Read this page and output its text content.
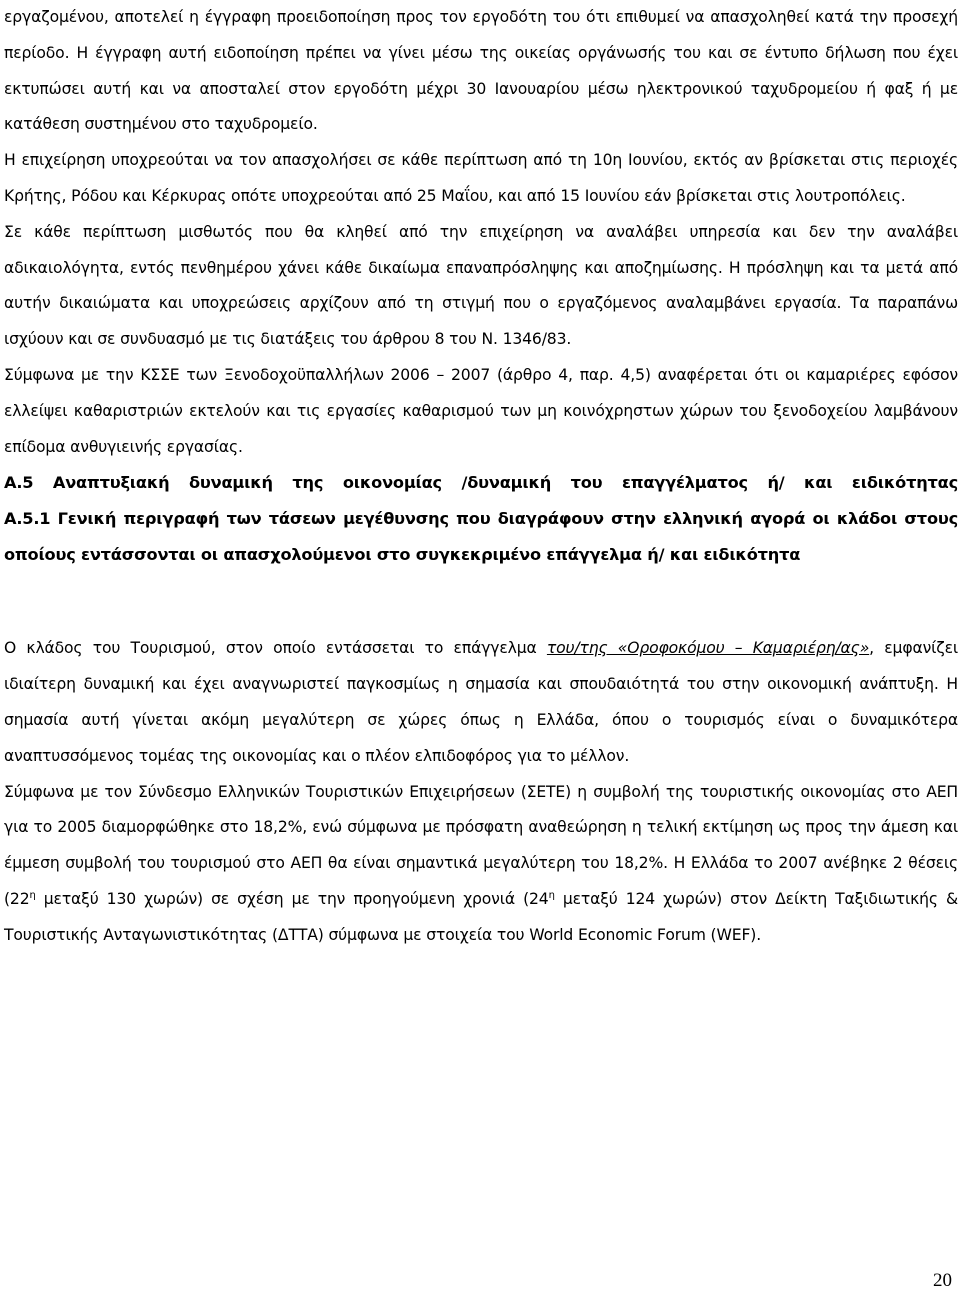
εργαζομένου, αποτελεί η έγγραφη προειδοποίηση προς τον εργοδότη του ότι επιθυμεί να απασχοληθεί κατά την προσεχή περίοδο. Η έγγραφη αυτή ειδοποίηση πρέπει να γίνει μέσω της οικείας οργάνωσής του και σε έντυπο δήλωση που έχει εκτυπώσει αυτή και να αποσταλεί στον εργοδότη μέχρι 30 Ιανουαρίου μέσω ηλεκτρονικού ταχυδρομείου ή φαξ ή με κατάθεση συστημένου στο ταχυδρομείο.

Η επιχείρηση υποχρεούται να τον απασχολήσει σε κάθε περίπτωση από τη 10η Ιουνίου, εκτός αν βρίσκεται στις περιοχές Κρήτης, Ρόδου και Κέρκυρας οπότε υποχρεούται από 25 Μαΐου, και από 15 Ιουνίου εάν βρίσκεται στις λουτροπόλεις.

Σε κάθε περίπτωση μισθωτός που θα κληθεί από την επιχείρηση να αναλάβει υπηρεσία και δεν την αναλάβει αδικαιολόγητα, εντός πενθημέρου χάνει κάθε δικαίωμα επαναπρόσληψης και αποζημίωσης. Η πρόσληψη και τα μετά από αυτήν δικαιώματα και υποχρεώσεις αρχίζουν από τη στιγμή που ο εργαζόμενος αναλαμβάνει εργασία. Τα παραπάνω ισχύουν και σε συνδυασμό με τις διατάξεις του άρθρου 8 του Ν. 1346/83.

Σύμφωνα με την ΚΣΣΕ των Ξενοδοχοϋπαλλήλων 2006 – 2007 (άρθρο 4, παρ. 4,5) αναφέρεται ότι οι καμαριέρες εφόσον ελλείψει καθαριστριών εκτελούν και τις εργασίες καθαρισμού των μη κοινόχρηστων χώρων του ξενοδοχείου λαμβάνουν επίδομα ανθυγιεινής εργασίας.

Α.5 Αναπτυξιακή δυναμική της οικονομίας /δυναμική του επαγγέλματος ή/ και ειδικότητας
Α.5.1 Γενική περιγραφή των τάσεων μεγέθυνσης που διαγράφουν στην ελληνική αγορά οι κλάδοι στους οποίους εντάσσονται οι απασχολούμενοι στο συγκεκριμένο επάγγελμα ή/ και ειδικότητα

Ο κλάδος του Τουρισμού, στον οποίο εντάσσεται το επάγγελμα του/της «Οροφοκόμου – Καμαριέρη/ας», εμφανίζει ιδιαίτερη δυναμική και έχει αναγνωριστεί παγκοσμίως η σημασία και σπουδαιότητά του στην οικονομική ανάπτυξη. Η σημασία αυτή γίνεται ακόμη μεγαλύτερη σε χώρες όπως η Ελλάδα, όπου ο τουρισμός είναι ο δυναμικότερα αναπτυσσόμενος τομέας της οικονομίας και ο πλέον ελπιδοφόρος για το μέλλον.

Σύμφωνα με τον Σύνδεσμο Ελληνικών Τουριστικών Επιχειρήσεων (ΣΕΤΕ) η συμβολή της τουριστικής οικονομίας στο ΑΕΠ για το 2005 διαμορφώθηκε στο 18,2%, ενώ σύμφωνα με πρόσφατη αναθεώρηση η τελική εκτίμηση ως προς την άμεση και έμμεση συμβολή του τουρισμού στο ΑΕΠ θα είναι σημαντικά μεγαλύτερη του 18,2%. Η Ελλάδα το 2007 ανέβηκε 2 θέσεις ($22^\eta$ μεταξύ 130 χωρών) σε σχέση με την προηγούμενη χρονιά ($24^\eta$ μεταξύ 124 χωρών) στον Δείκτη Ταξιδιωτικής & Τουριστικής Ανταγωνιστικότητας (ΔΤΤΑ) σύμφωνα με στοιχεία του World Economic Forum (WEF).

20
